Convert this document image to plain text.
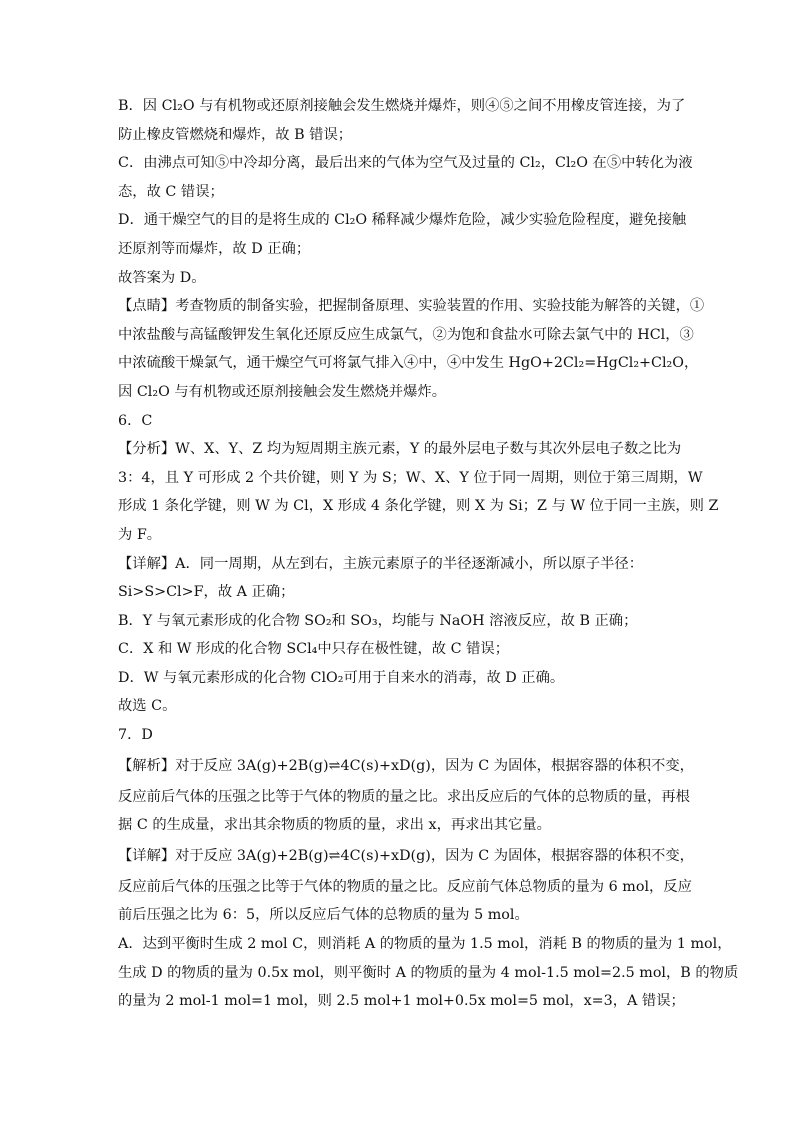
B．因 Cl₂O 与有机物或还原剂接触会发生燃烧并爆炸，则④⑤之间不用橡皮管连接，为了
防止橡皮管燃烧和爆炸，故 B 错误；
C．由沸点可知⑤中冷却分离，最后出来的气体为空气及过量的 Cl₂，Cl₂O 在⑤中转化为液
态，故 C 错误；
D．通干燥空气的目的是将生成的 Cl₂O 稀释减少爆炸危险，减少实验危险程度，避免接触
还原剂等而爆炸，故 D 正确；
故答案为 D。
【点睛】考查物质的制备实验，把握制备原理、实验装置的作用、实验技能为解答的关键，①
中浓盐酸与高锰酸钾发生氧化还原反应生成氯气，②为饱和食盐水可除去氯气中的 HCl，③
中浓硫酸干燥氯气，通干燥空气可将氯气排入④中，④中发生 HgO+2Cl₂=HgCl₂+Cl₂O，
因 Cl₂O 与有机物或还原剂接触会发生燃烧并爆炸。
6．C
【分析】W、X、Y、Z 均为短周期主族元素，Y 的最外层电子数与其次外层电子数之比为
3：4，且 Y 可形成 2 个共价键，则 Y 为 S；W、X、Y 位于同一周期，则位于第三周期，W
形成 1 条化学键，则 W 为 Cl，X 形成 4 条化学键，则 X 为 Si；Z 与 W 位于同一主族，则 Z
为 F。
【详解】A．同一周期，从左到右，主族元素原子的半径逐渐减小，所以原子半径：
Si>S>Cl>F，故 A 正确；
B．Y 与氧元素形成的化合物 SO₂和 SO₃，均能与 NaOH 溶液反应，故 B 正确；
C．X 和 W 形成的化合物 SCl₄中只存在极性键，故 C 错误；
D．W 与氧元素形成的化合物 ClO₂可用于自来水的消毒，故 D 正确。
故选 C。
7．D
【解析】对于反应 3A(g)+2B(g)⇌4C(s)+xD(g)，因为 C 为固体，根据容器的体积不变，
反应前后气体的压强之比等于气体的物质的量之比。求出反应后的气体的总物质的量，再根
据 C 的生成量，求出其余物质的物质的量，求出 x，再求出其它量。
【详解】对于反应 3A(g)+2B(g)⇌4C(s)+xD(g)，因为 C 为固体，根据容器的体积不变，
反应前后气体的压强之比等于气体的物质的量之比。反应前气体总物质的量为 6 mol，反应
前后压强之比为 6：5，所以反应后气体的总物质的量为 5 mol。
A．达到平衡时生成 2 mol C，则消耗 A 的物质的量为 1.5 mol，消耗 B 的物质的量为 1 mol，
生成 D 的物质的量为 0.5x mol，则平衡时 A 的物质的量为 4 mol-1.5 mol=2.5 mol，B 的物质
的量为 2 mol-1 mol=1 mol，则 2.5 mol+1 mol+0.5x mol=5 mol，x=3，A 错误；
